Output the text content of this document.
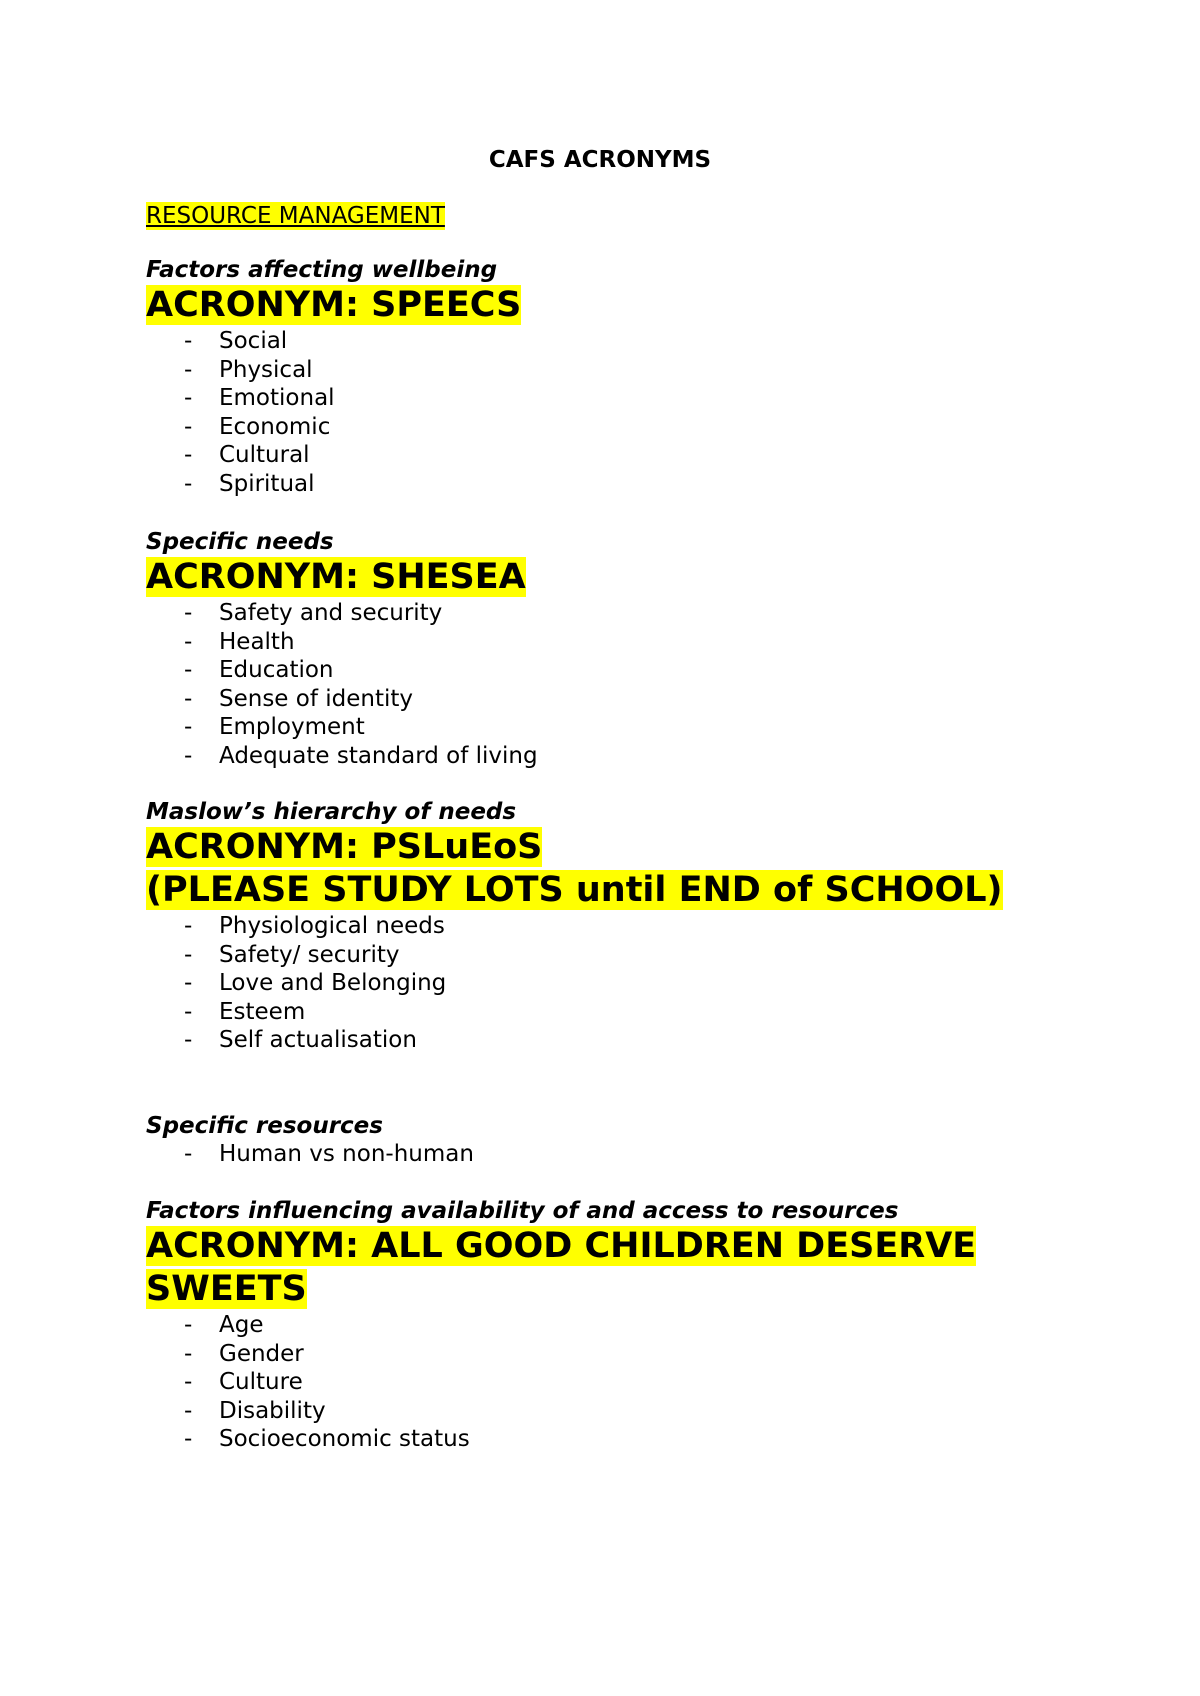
CAFS ACRONYMS
RESOURCE MANAGEMENT
Factors affecting wellbeing
ACRONYM: SPEECS
- Social
- Physical
- Emotional
- Economic
- Cultural
- Spiritual
Specific needs
ACRONYM: SHESEA
- Safety and security
- Health
- Education
- Sense of identity
- Employment
- Adequate standard of living
Maslow’s hierarchy of needs
ACRONYM: PSLuEoS
(PLEASE STUDY LOTS until END of SCHOOL)
- Physiological needs
- Safety/ security
- Love and Belonging
- Esteem
- Self actualisation
Specific resources
- Human vs non-human
Factors influencing availability of and access to resources
ACRONYM: ALL GOOD CHILDREN DESERVE
SWEETS
- Age
- Gender
- Culture
- Disability
- Socioeconomic status
